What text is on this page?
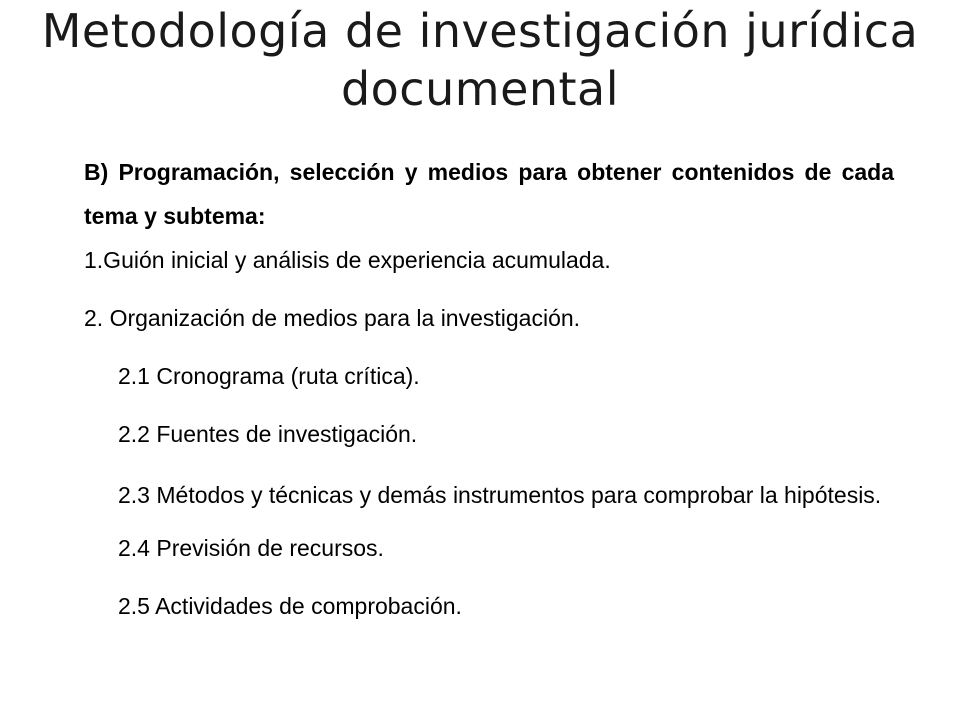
Metodología de investigación jurídica documental

B) Programación, selección y medios para obtener contenidos de cada tema y subtema:

1.Guión inicial y análisis de experiencia acumulada.

2. Organización de medios para la investigación.

2.1 Cronograma (ruta crítica).

2.2 Fuentes de investigación.

2.3 Métodos y técnicas y demás instrumentos para comprobar la hipótesis.

2.4 Previsión de recursos.

2.5 Actividades de comprobación.
